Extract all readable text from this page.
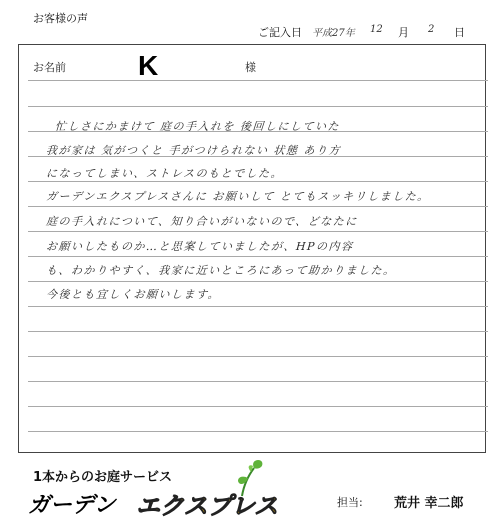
お客様の声
ご記入日 平成27年 12 月 2 日
お名前	K	様
忙しさにかまけて 庭の手入れを 後回しにしていた
我が家は 気がつくと 手がつけられない 状態 あり方
になってしまい、ストレスのもとでした。
ガーデンエクスプレスさんに お願いして とてもスッキリしました。
庭の手入れについて、知り合いがいないので、どなたに
お願いしたものか…と思案していましたが、HPの内容
も、わかりやすく、我家に近いところにあって助かりました。
今後とも宜しくお願いします。
1本からのお庭サービス
ガーデン エクスプレス	担当: 荒井 幸二郎
